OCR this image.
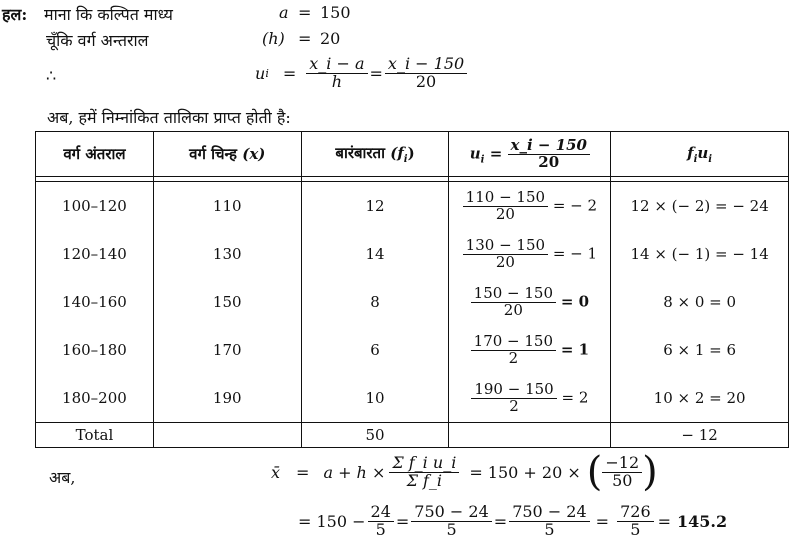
हल: माना कि कल्पित माध्य	a = 150
चूँकि वर्ग अन्तराल	(h) = 20
∴	u $i = \frac{x\_i - a}{h} = \frac{x\_i - 150}{20}$
अब, हमें निम्नांकित तालिका प्राप्त होती है:
वर्ग अंतराल	वर्ग चिन्ह (x)	बारंबारता $(f_i)$	$u_i = \frac{x\_i - 150}{20}$	$f_iu_i$

100–120	110	12	$\frac{110 - 150}{20}$ = − 2	12 × (− 2) = − 24
120–140	130	14	$\frac{130 - 150}{20}$ = − 1	14 × (− 1) = − 14
140–160	150	8	$\frac{150 - 150}{20} = 0$	8 × 0 = 0
160–180	170	6	$\frac{170 - 150}{2} = 1$	6 × 1 = 6
180–200	190	10	$\frac{190 - 150}{2} = 2$	10 × 2 = 20
Total		50		− 12
अब,	x̄ = $a + h \times \frac{\text{Σ f\_i u\_i}}{\text{Σ f\_i}} = 150 + 20$ × ( $\frac{-12}{50}$ )
= $150 - \frac{24}{5} = \frac{750 - 24}{5} = \frac{750 - 24}{5} = \frac{726}{5} = 145.2$
